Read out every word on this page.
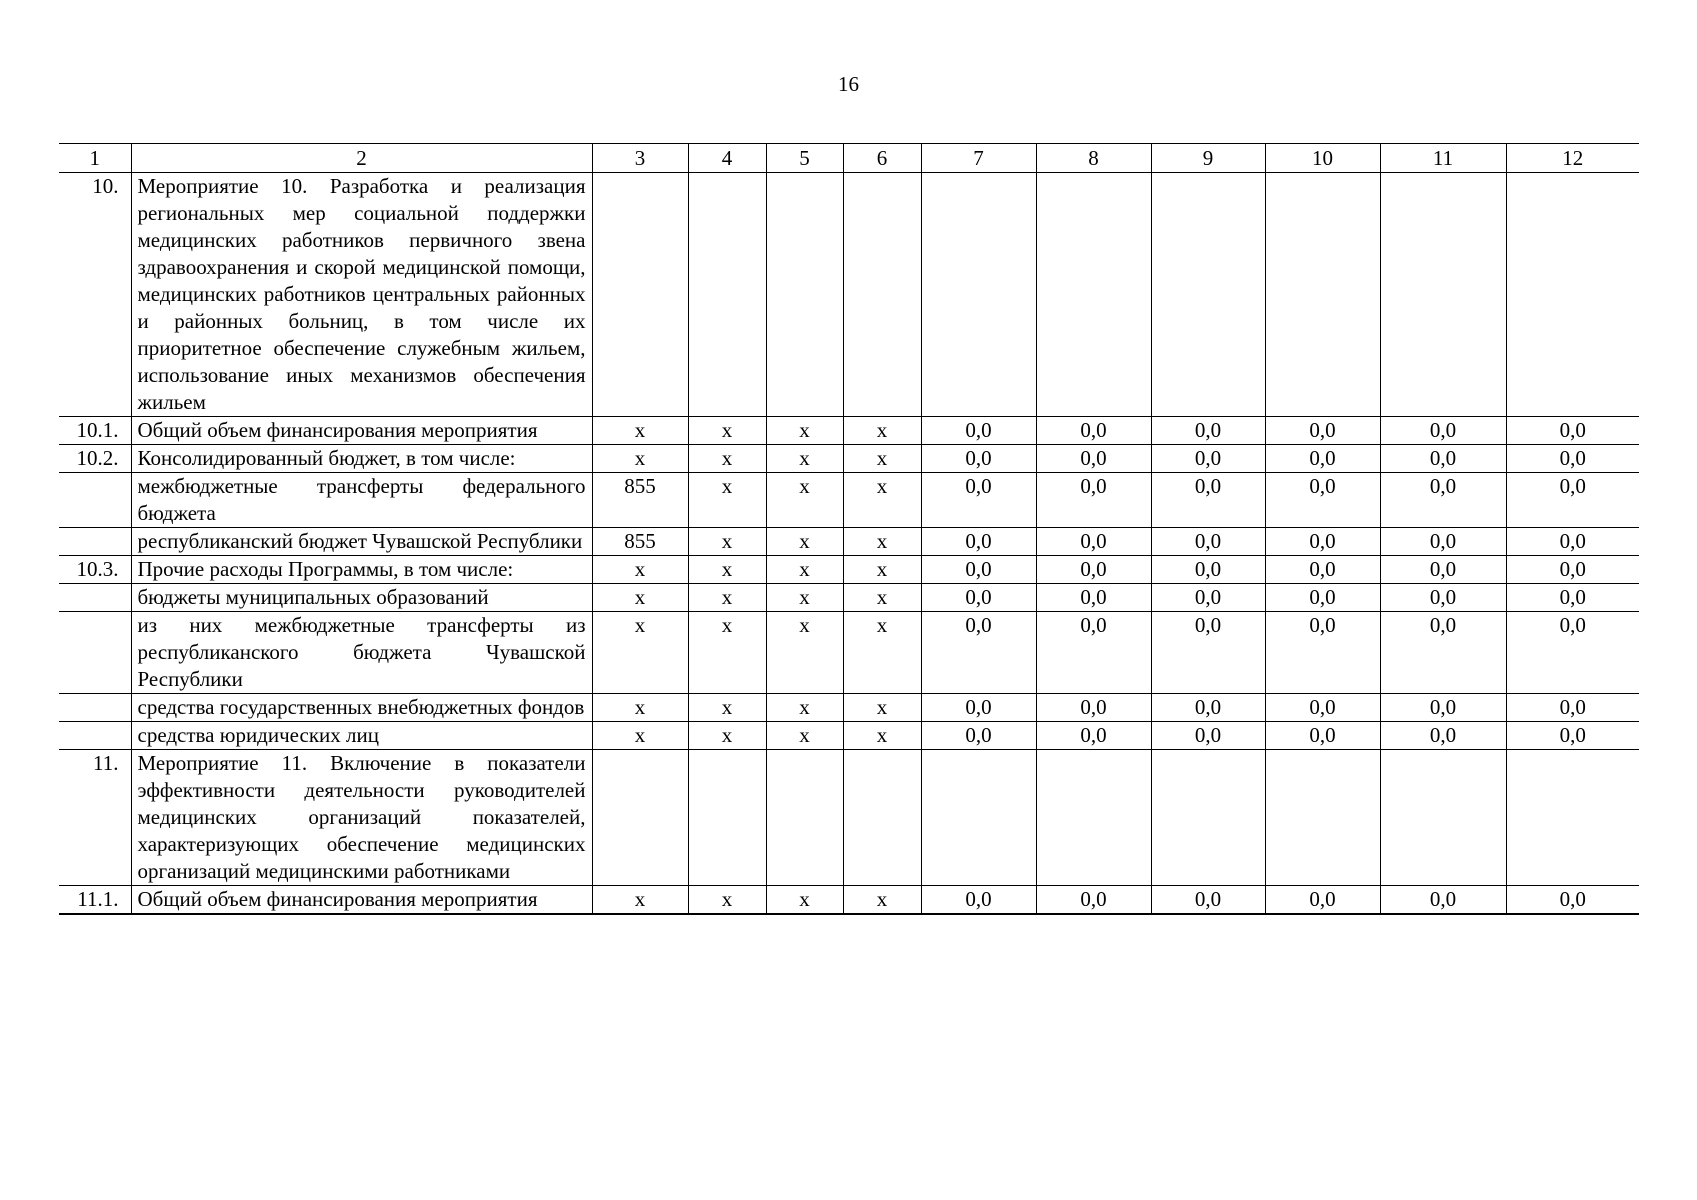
16
1	2	3	4	5	6	7	8	9	10	11	12
10.	Мероприятие 10. Разработка и реализация региональных мер социальной поддержки медицинских работников первичного звена здравоохранения и скорой медицинской помощи, медицинских работников центральных районных и районных больниц, в том числе их приоритетное обеспечение служебным жильем, использование иных механизмов обеспечения жильем										
10.1.	Общий объем финансирования мероприятия	х	х	х	х	0,0	0,0	0,0	0,0	0,0	0,0
10.2.	Консолидированный бюджет, в том числе:	х	х	х	х	0,0	0,0	0,0	0,0	0,0	0,0
	межбюджетные трансферты федерального бюджета	855	х	х	х	0,0	0,0	0,0	0,0	0,0	0,0
	республиканский бюджет Чувашской Республики	855	х	х	х	0,0	0,0	0,0	0,0	0,0	0,0
10.3.	Прочие расходы Программы, в том числе:	х	х	х	х	0,0	0,0	0,0	0,0	0,0	0,0
	бюджеты муниципальных образований	х	х	х	х	0,0	0,0	0,0	0,0	0,0	0,0
	из них межбюджетные трансферты из республиканского бюджета Чувашской Республики	х	х	х	х	0,0	0,0	0,0	0,0	0,0	0,0
	средства государственных внебюджетных фондов	х	х	х	х	0,0	0,0	0,0	0,0	0,0	0,0
	средства юридических лиц	х	х	х	х	0,0	0,0	0,0	0,0	0,0	0,0
11.	Мероприятие 11. Включение в показатели эффективности деятельности руководителей медицинских организаций показателей, характеризующих обеспечение медицинских организаций медицинскими работниками										
11.1.	Общий объем финансирования мероприятия	х	х	х	х	0,0	0,0	0,0	0,0	0,0	0,0
